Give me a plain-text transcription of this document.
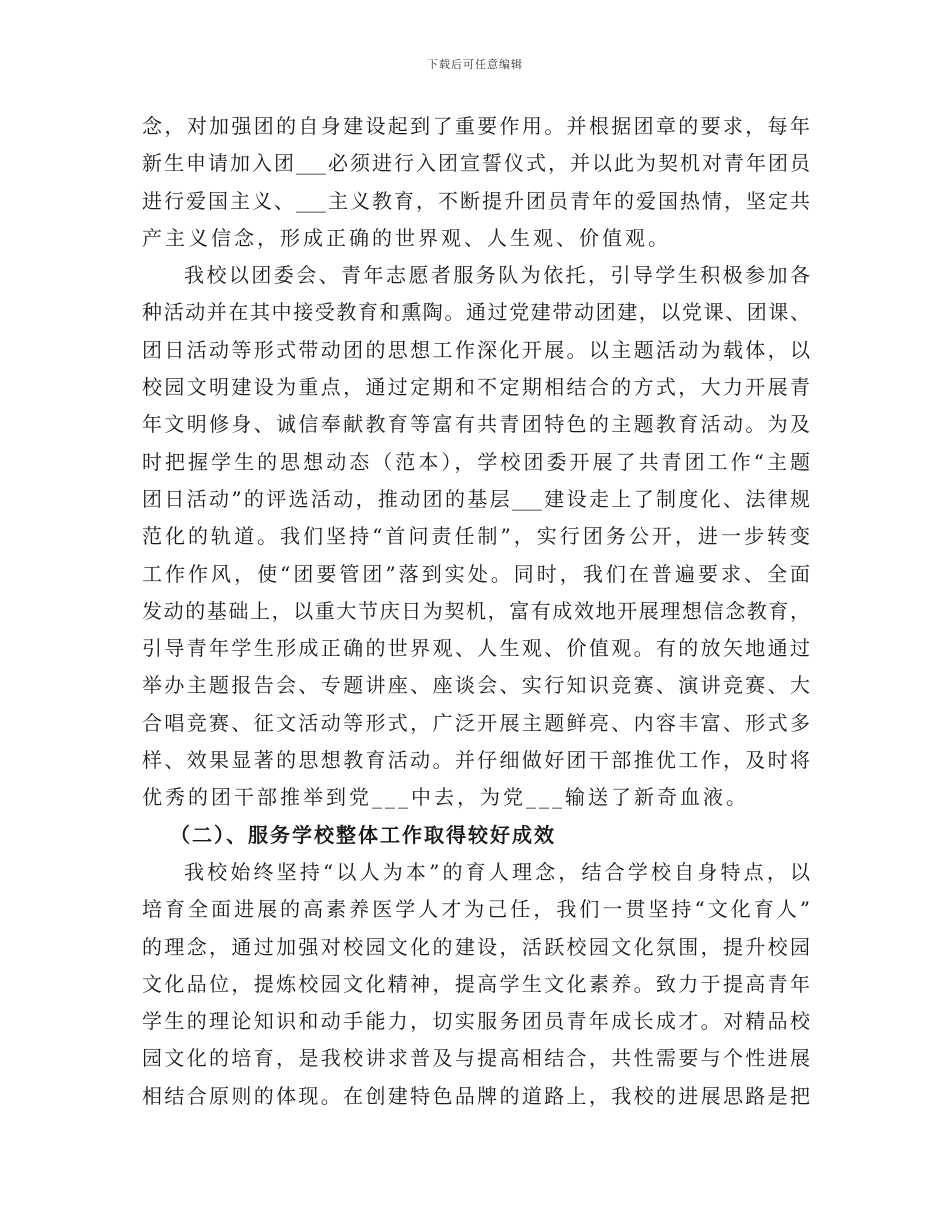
下载后可任意编辑
念，对加强团的自身建设起到了重要作用。并根据团章的要求，每年
新生申请加入团___必须进行入团宣誓仪式，并以此为契机对青年团员
进行爱国主义、___主义教育，不断提升团员青年的爱国热情，坚定共
产主义信念，形成正确的世界观、人生观、价值观。
我校以团委会、青年志愿者服务队为依托，引导学生积极参加各
种活动并在其中接受教育和熏陶。通过党建带动团建，以党课、团课、
团日活动等形式带动团的思想工作深化开展。以主题活动为载体，以
校园文明建设为重点，通过定期和不定期相结合的方式，大力开展青
年文明修身、诚信奉献教育等富有共青团特色的主题教育活动。为及
时把握学生的思想动态（范本），学校团委开展了共青团工作“主题
团日活动”的评选活动，推动团的基层___建设走上了制度化、法律规
范化的轨道。我们坚持“首问责任制”，实行团务公开，进一步转变
工作作风，使“团要管团”落到实处。同时，我们在普遍要求、全面
发动的基础上，以重大节庆日为契机，富有成效地开展理想信念教育，
引导青年学生形成正确的世界观、人生观、价值观。有的放矢地通过
举办主题报告会、专题讲座、座谈会、实行知识竞赛、演讲竞赛、大
合唱竞赛、征文活动等形式，广泛开展主题鲜亮、内容丰富、形式多
样、效果显著的思想教育活动。并仔细做好团干部推优工作，及时将
优秀的团干部推举到党___中去，为党___输送了新奇血液。
（二）、服务学校整体工作取得较好成效
我校始终坚持“以人为本”的育人理念，结合学校自身特点，以
培育全面进展的高素养医学人才为己任，我们一贯坚持“文化育人”
的理念，通过加强对校园文化的建设，活跃校园文化氛围，提升校园
文化品位，提炼校园文化精神，提高学生文化素养。致力于提高青年
学生的理论知识和动手能力，切实服务团员青年成长成才。对精品校
园文化的培育，是我校讲求普及与提高相结合，共性需要与个性进展
相结合原则的体现。在创建特色品牌的道路上，我校的进展思路是把
